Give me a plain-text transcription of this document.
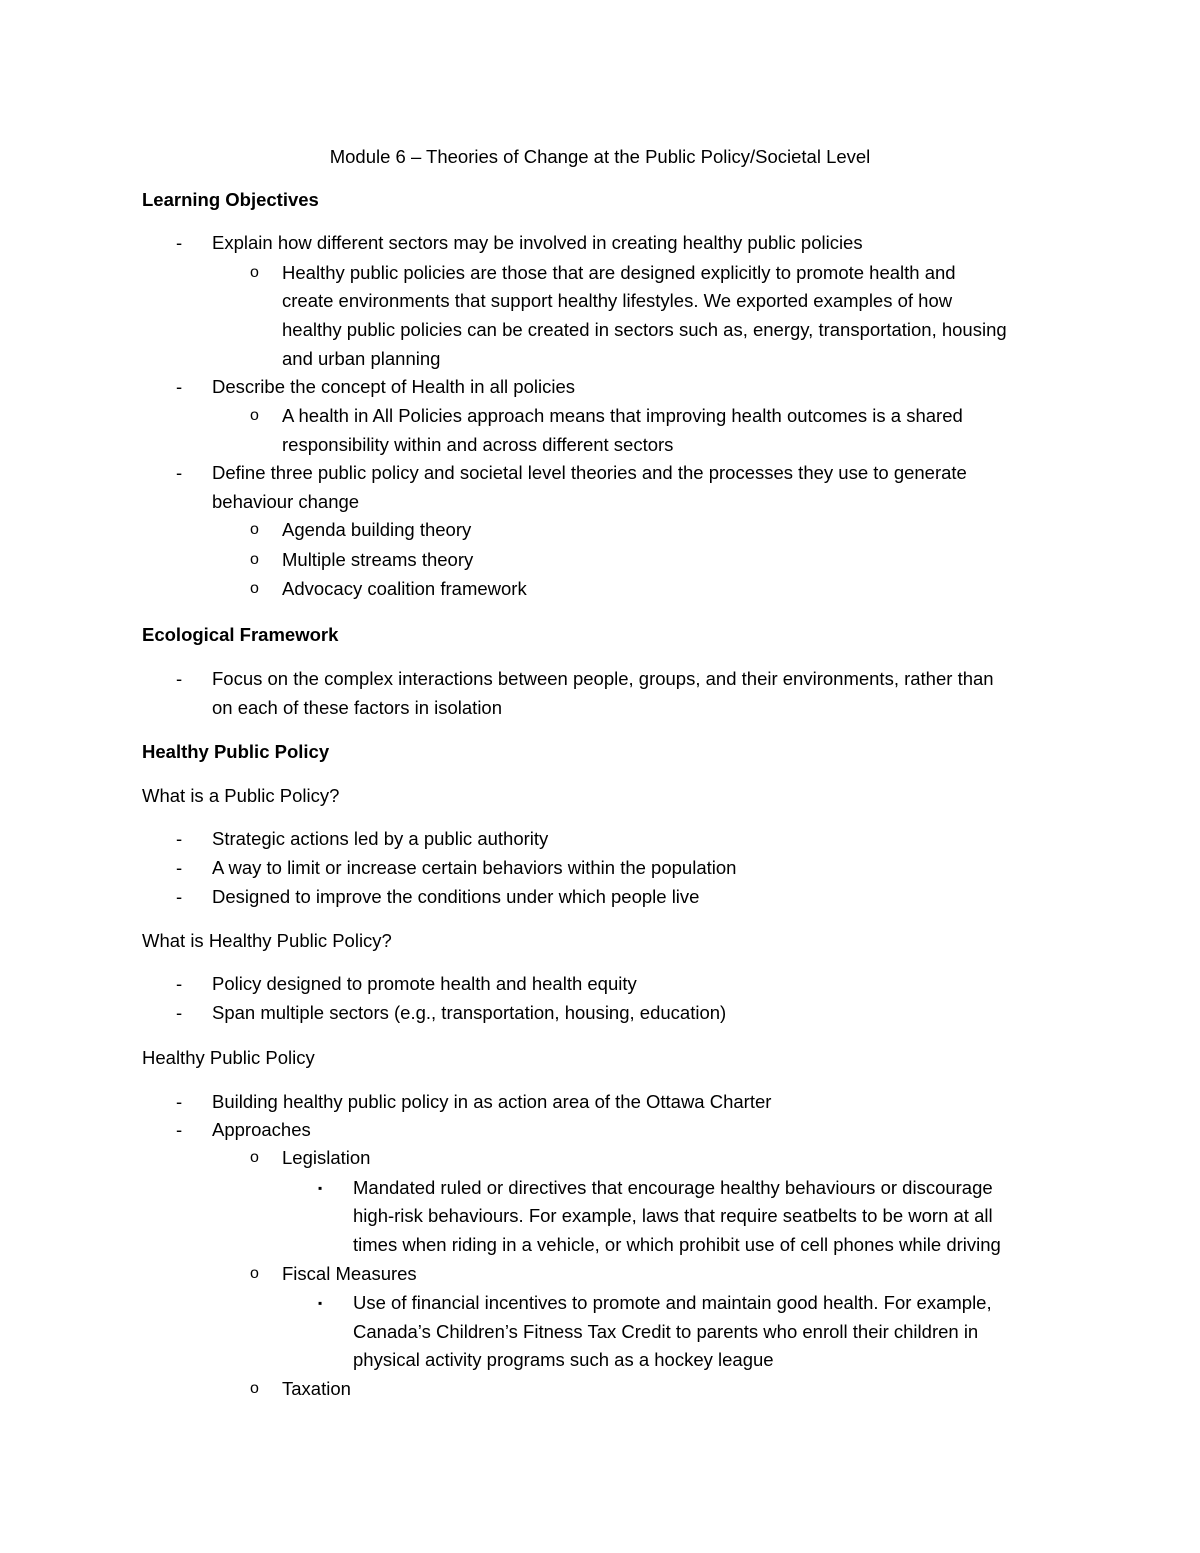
Module 6 – Theories of Change at the Public Policy/Societal Level
Learning Objectives
- Explain how different sectors may be involved in creating healthy public policies
o Healthy public policies are those that are designed explicitly to promote health and
create environments that support healthy lifestyles. We exported examples of how
healthy public policies can be created in sectors such as, energy, transportation, housing
and urban planning
- Describe the concept of Health in all policies
o A health in All Policies approach means that improving health outcomes is a shared
responsibility within and across different sectors
- Define three public policy and societal level theories and the processes they use to generate
behaviour change
o Agenda building theory
o Multiple streams theory
o Advocacy coalition framework
Ecological Framework
- Focus on the complex interactions between people, groups, and their environments, rather than
on each of these factors in isolation
Healthy Public Policy
What is a Public Policy?
- Strategic actions led by a public authority
- A way to limit or increase certain behaviors within the population
- Designed to improve the conditions under which people live
What is Healthy Public Policy?
- Policy designed to promote health and health equity
- Span multiple sectors (e.g., transportation, housing, education)
Healthy Public Policy
- Building healthy public policy in as action area of the Ottawa Charter
- Approaches
o Legislation
▪ Mandated ruled or directives that encourage healthy behaviours or discourage
high-risk behaviours. For example, laws that require seatbelts to be worn at all
times when riding in a vehicle, or which prohibit use of cell phones while driving
o Fiscal Measures
▪ Use of financial incentives to promote and maintain good health. For example,
Canada’s Children’s Fitness Tax Credit to parents who enroll their children in
physical activity programs such as a hockey league
o Taxation
